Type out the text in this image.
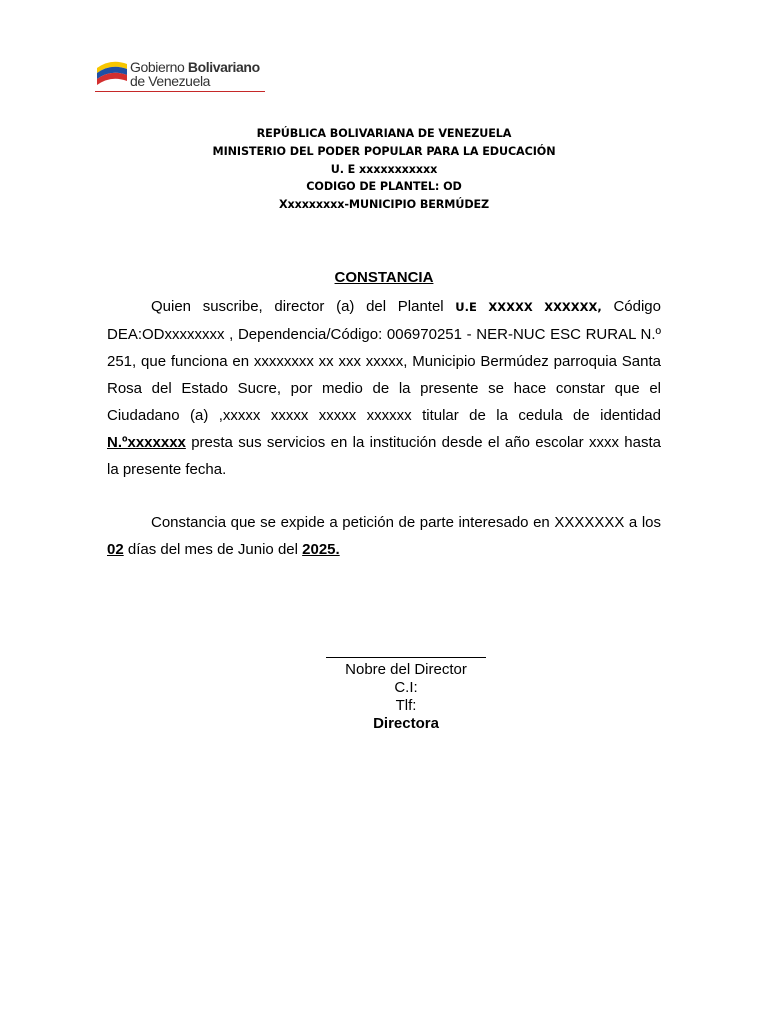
Gobierno Bolivariano
de Venezuela
REPÚBLICA BOLIVARIANA DE VENEZUELA
MINISTERIO DEL PODER POPULAR PARA LA EDUCACIÓN
U. E xxxxxxxxxxx
CODIGO DE PLANTEL: OD
Xxxxxxxxx-MUNICIPIO BERMÚDEZ
CONSTANCIA
Quien suscribe, director (a) del Plantel U.E XXXXX XXXXXX, Código DEA:ODxxxxxxxx , Dependencia/Código: 006970251 - NER-NUC ESC RURAL N.º 251, que funciona en xxxxxxxx xx xxx xxxxx, Municipio Bermúdez parroquia Santa Rosa del Estado Sucre, por medio de la presente se hace constar que el Ciudadano (a) ,xxxxx xxxxx xxxxx xxxxxx titular de la cedula de identidad N.ºxxxxxxx presta sus servicios en la institución desde el año escolar xxxx hasta la presente fecha.
Constancia que se expide a petición de parte interesado en XXXXXXX a los 02 días del mes de Junio del 2025.
Nobre del Director
C.I:
Tlf:
Directora
